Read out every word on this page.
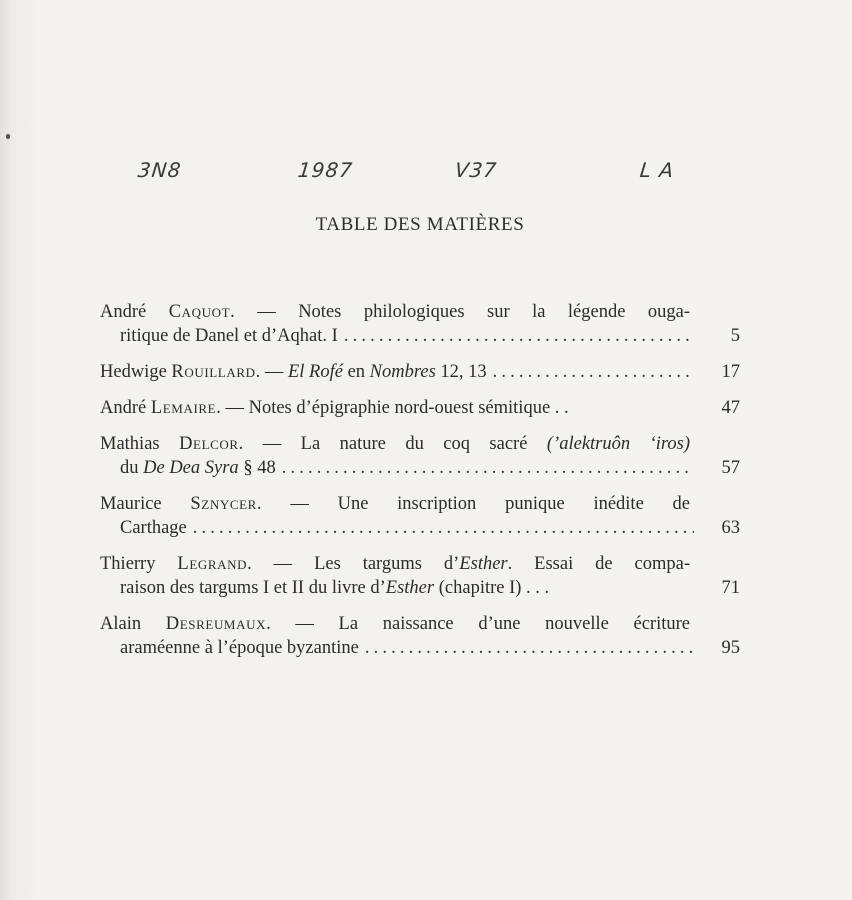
3N8	1987	V37	L A
TABLE DES MATIÈRES
André Caquot. — Notes philologiques sur la légende ouga-
ritique de Danel et d’Aqhat. I . . .	5
Hedwige Rouillard. — El Rofé en Nombres 12, 13 . . .	17
André Lemaire. — Notes d’épigraphie nord-ouest sémitique . .	47
Mathias Delcor. — La nature du coq sacré (’alektruôn ‘iros)
du De Dea Syra § 48 . . .	57
Maurice Sznycer. — Une inscription punique inédite de
Carthage . . .	63
Thierry Legrand. — Les targums d’Esther. Essai de compa-
raison des targums I et II du livre d’Esther (chapitre I) . . .	71
Alain Desreumaux. — La naissance d’une nouvelle écriture
araméenne à l’époque byzantine . . .	95
